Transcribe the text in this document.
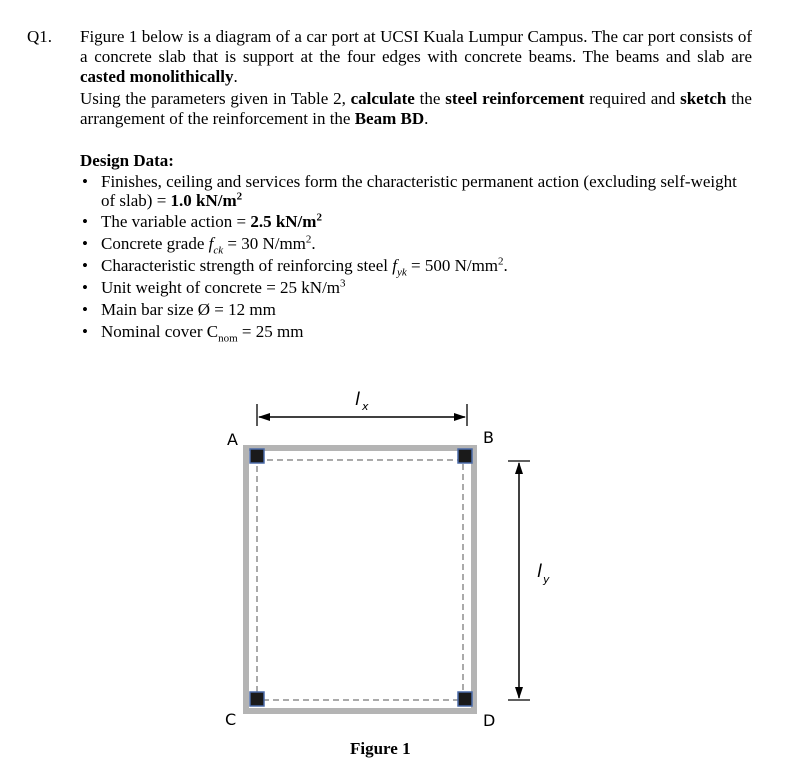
Q1. Figure 1 below is a diagram of a car port at UCSI Kuala Lumpur Campus. The car port consists of a concrete slab that is support at the four edges with concrete beams. The beams and slab are casted monolithically.
Using the parameters given in Table 2, calculate the steel reinforcement required and sketch the arrangement of the reinforcement in the Beam BD.
Design Data:
• Finishes, ceiling and services form the characteristic permanent action (excluding self-weight of slab) = 1.0 $kN/m^2$
• The variable action = 2.5 $kN/m^2$
• Concrete grade $f_{ck} = 30$ $N/mm^2$.
• Characteristic strength of reinforcing steel $f_{yk} = 500$ $N/mm^2$.
• Unit weight of concrete = 25 $kN/m^3$
• Main bar size Ø = 12 mm
• Nominal cover $C_{nom} = 25$ mm
l x
A	B
C	D
l y
Figure 1
